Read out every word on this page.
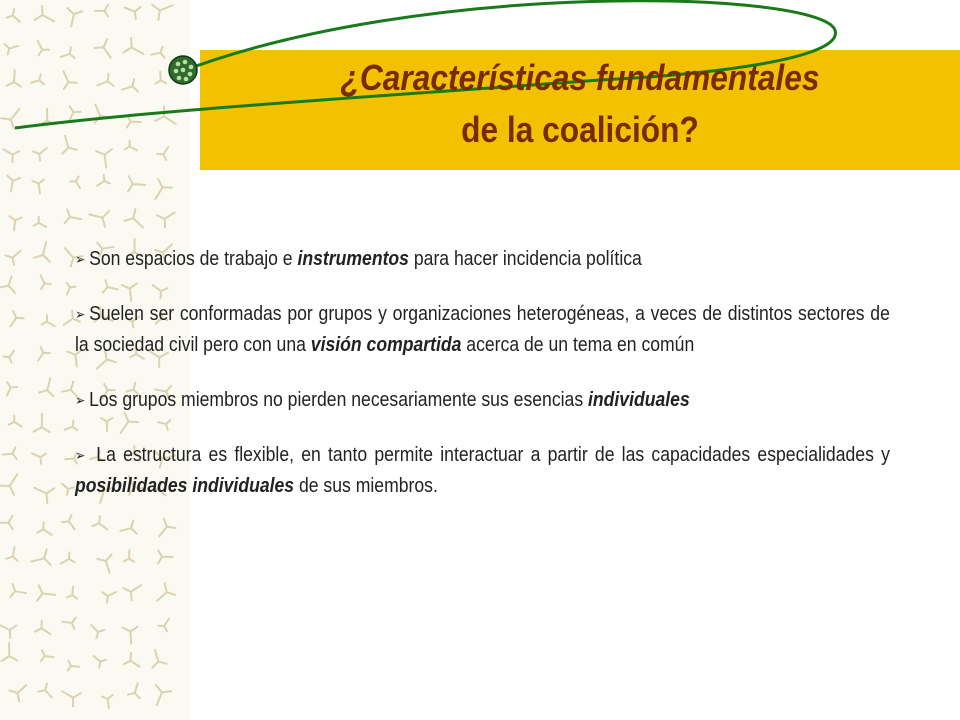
¿Características fundamentales
de la coalición?

➢ Son espacios de trabajo e instrumentos para hacer incidencia política

➢ Suelen ser conformadas por grupos y organizaciones heterogéneas, a veces de distintos sectores de la sociedad civil pero con una visión compartida acerca de un tema en común

➢ Los grupos miembros no pierden necesariamente sus esencias individuales

➢ La estructura es flexible, en tanto permite interactuar a partir de las capacidades especialidades y posibilidades individuales de sus miembros.
